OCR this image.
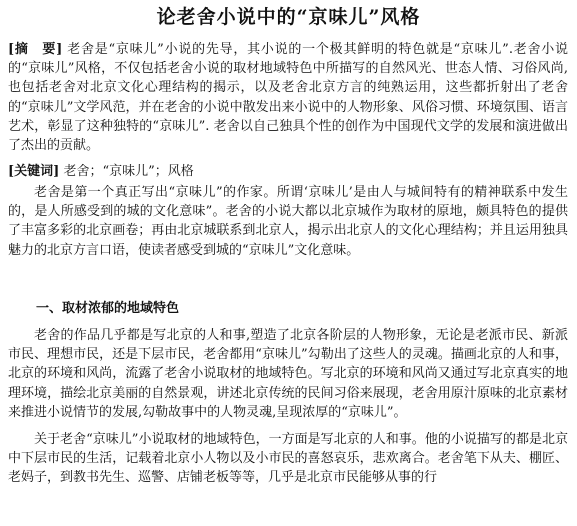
论老舍小说中的“京味儿”风格

[摘　要] 老舍是“京味儿”小说的先导，其小说的一个极其鲜明的特色就是“京味儿”.老舍小说的“京味儿”风格，不仅包括老舍小说的取材地域特色中所描写的自然风光、世态人情、习俗风尚,也包括老舍对北京文化心理结构的揭示，以及老舍北京方言的纯熟运用，这些都折射出了老舍的“京味儿”文学风范，并在老舍的小说中散发出来小说中的人物形象、风俗习惯、环境氛围、语言艺术，彰显了这种独特的“京味儿”. 老舍以自己独具个性的创作为中国现代文学的发展和演进做出了杰出的贡献。

[关键词] 老舍；“京味儿”；风格

老舍是第一个真正写出“京味儿”的作家。所谓‘京味儿’是由人与城间特有的精神联系中发生的，是人所感受到的城的文化意味”。老舍的小说大都以北京城作为取材的原地，颇具特色的提供了丰富多彩的北京画卷；再由北京城联系到北京人，揭示出北京人的文化心理结构；并且运用独具魅力的北京方言口语，使读者感受到城的“京味儿”文化意味。

一、取材浓郁的地域特色

老舍的作品几乎都是写北京的人和事,塑造了北京各阶层的人物形象，无论是老派市民、新派市民、理想市民，还是下层市民，老舍都用“京味儿”勾勒出了这些人的灵魂。描画北京的人和事，北京的环境和风尚，流露了老舍小说取材的地域特色。写北京的环境和风尚又通过写北京真实的地理环境，描绘北京美丽的自然景观，讲述北京传统的民间习俗来展现，老舍用原汁原味的北京素材来推进小说情节的发展,勾勒故事中的人物灵魂,呈现浓厚的“京味儿”。

关于老舍“京味儿”小说取材的地域特色，一方面是写北京的人和事。他的小说描写的都是北京中下层市民的生活，记载着北京小人物以及小市民的喜怒哀乐，悲欢离合。老舍笔下从夫、棚匠、老妈子，到教书先生、巡警、店铺老板等等，几乎是北京市民能够从事的行
